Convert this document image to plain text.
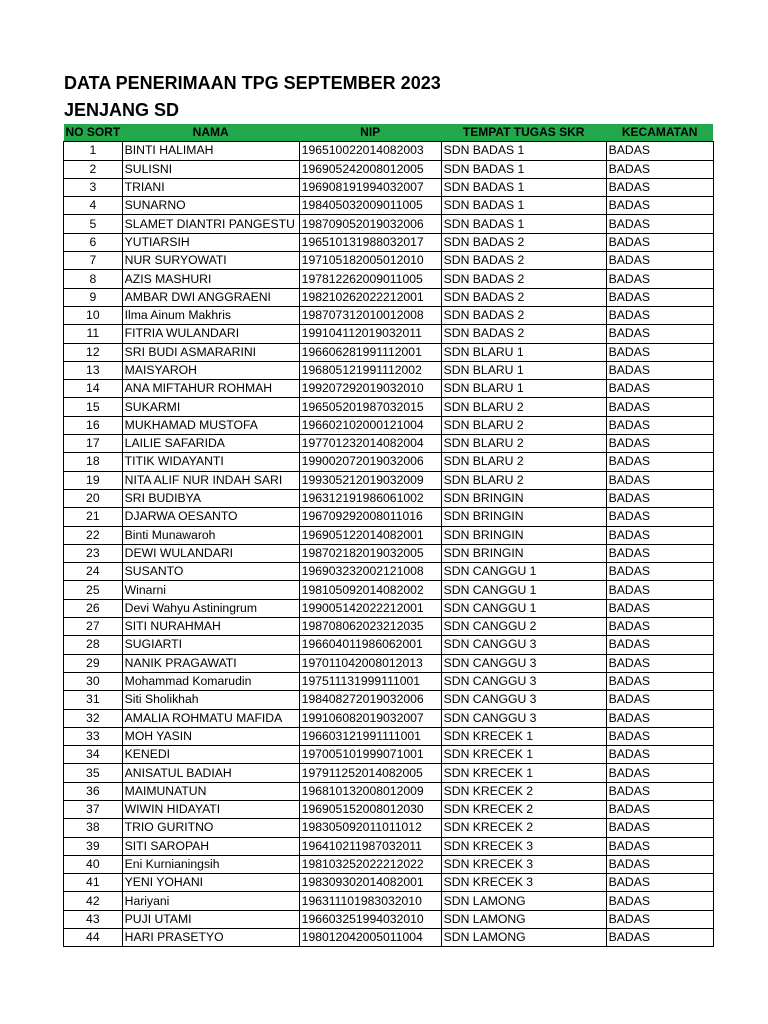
DATA PENERIMAAN TPG SEPTEMBER 2023
JENJANG SD
NO SORT	NAMA	NIP	TEMPAT TUGAS SKR	KECAMATAN
1	BINTI HALIMAH	196510022014082003	SDN BADAS 1	BADAS
2	SULISNI	196905242008012005	SDN BADAS 1	BADAS
3	TRIANI	196908191994032007	SDN BADAS 1	BADAS
4	SUNARNO	198405032009011005	SDN BADAS 1	BADAS
5	SLAMET DIANTRI PANGESTU	198709052019032006	SDN BADAS 1	BADAS
6	YUTIARSIH	196510131988032017	SDN BADAS 2	BADAS
7	NUR SURYOWATI	197105182005012010	SDN BADAS 2	BADAS
8	AZIS MASHURI	197812262009011005	SDN BADAS 2	BADAS
9	AMBAR DWI ANGGRAENI	198210262022212001	SDN BADAS 2	BADAS
10	Ilma Ainum Makhris	198707312010012008	SDN BADAS 2	BADAS
11	FITRIA WULANDARI	199104112019032011	SDN BADAS 2	BADAS
12	SRI BUDI ASMARARINI	196606281991112001	SDN BLARU 1	BADAS
13	MAISYAROH	196805121991112002	SDN BLARU 1	BADAS
14	ANA MIFTAHUR ROHMAH	199207292019032010	SDN BLARU 1	BADAS
15	SUKARMI	196505201987032015	SDN BLARU 2	BADAS
16	MUKHAMAD MUSTOFA	196602102000121004	SDN BLARU 2	BADAS
17	LAILIE SAFARIDA	197701232014082004	SDN BLARU 2	BADAS
18	TITIK WIDAYANTI	199002072019032006	SDN BLARU 2	BADAS
19	NITA ALIF NUR INDAH SARI	199305212019032009	SDN BLARU 2	BADAS
20	SRI BUDIBYA	196312191986061002	SDN BRINGIN	BADAS
21	DJARWA OESANTO	196709292008011016	SDN BRINGIN	BADAS
22	Binti Munawaroh	196905122014082001	SDN BRINGIN	BADAS
23	DEWI WULANDARI	198702182019032005	SDN BRINGIN	BADAS
24	SUSANTO	196903232002121008	SDN CANGGU 1	BADAS
25	Winarni	198105092014082002	SDN CANGGU 1	BADAS
26	Devi Wahyu Astiningrum	199005142022212001	SDN CANGGU 1	BADAS
27	SITI NURAHMAH	198708062023212035	SDN CANGGU 2	BADAS
28	SUGIARTI	196604011986062001	SDN CANGGU 3	BADAS
29	NANIK PRAGAWATI	197011042008012013	SDN CANGGU 3	BADAS
30	Mohammad Komarudin	197511131999111001	SDN CANGGU 3	BADAS
31	Siti Sholikhah	198408272019032006	SDN CANGGU 3	BADAS
32	AMALIA ROHMATU MAFIDA	199106082019032007	SDN CANGGU 3	BADAS
33	MOH YASIN	196603121991111001	SDN KRECEK 1	BADAS
34	KENEDI	197005101999071001	SDN KRECEK 1	BADAS
35	ANISATUL BADIAH	197911252014082005	SDN KRECEK 1	BADAS
36	MAIMUNATUN	196810132008012009	SDN KRECEK 2	BADAS
37	WIWIN HIDAYATI	196905152008012030	SDN KRECEK 2	BADAS
38	TRIO GURITNO	198305092011011012	SDN KRECEK 2	BADAS
39	SITI SAROPAH	196410211987032011	SDN KRECEK 3	BADAS
40	Eni Kurnianingsih	198103252022212022	SDN KRECEK 3	BADAS
41	YENI YOHANI	198309302014082001	SDN KRECEK 3	BADAS
42	Hariyani	196311101983032010	SDN LAMONG	BADAS
43	PUJI UTAMI	196603251994032010	SDN LAMONG	BADAS
44	HARI PRASETYO	198012042005011004	SDN LAMONG	BADAS
